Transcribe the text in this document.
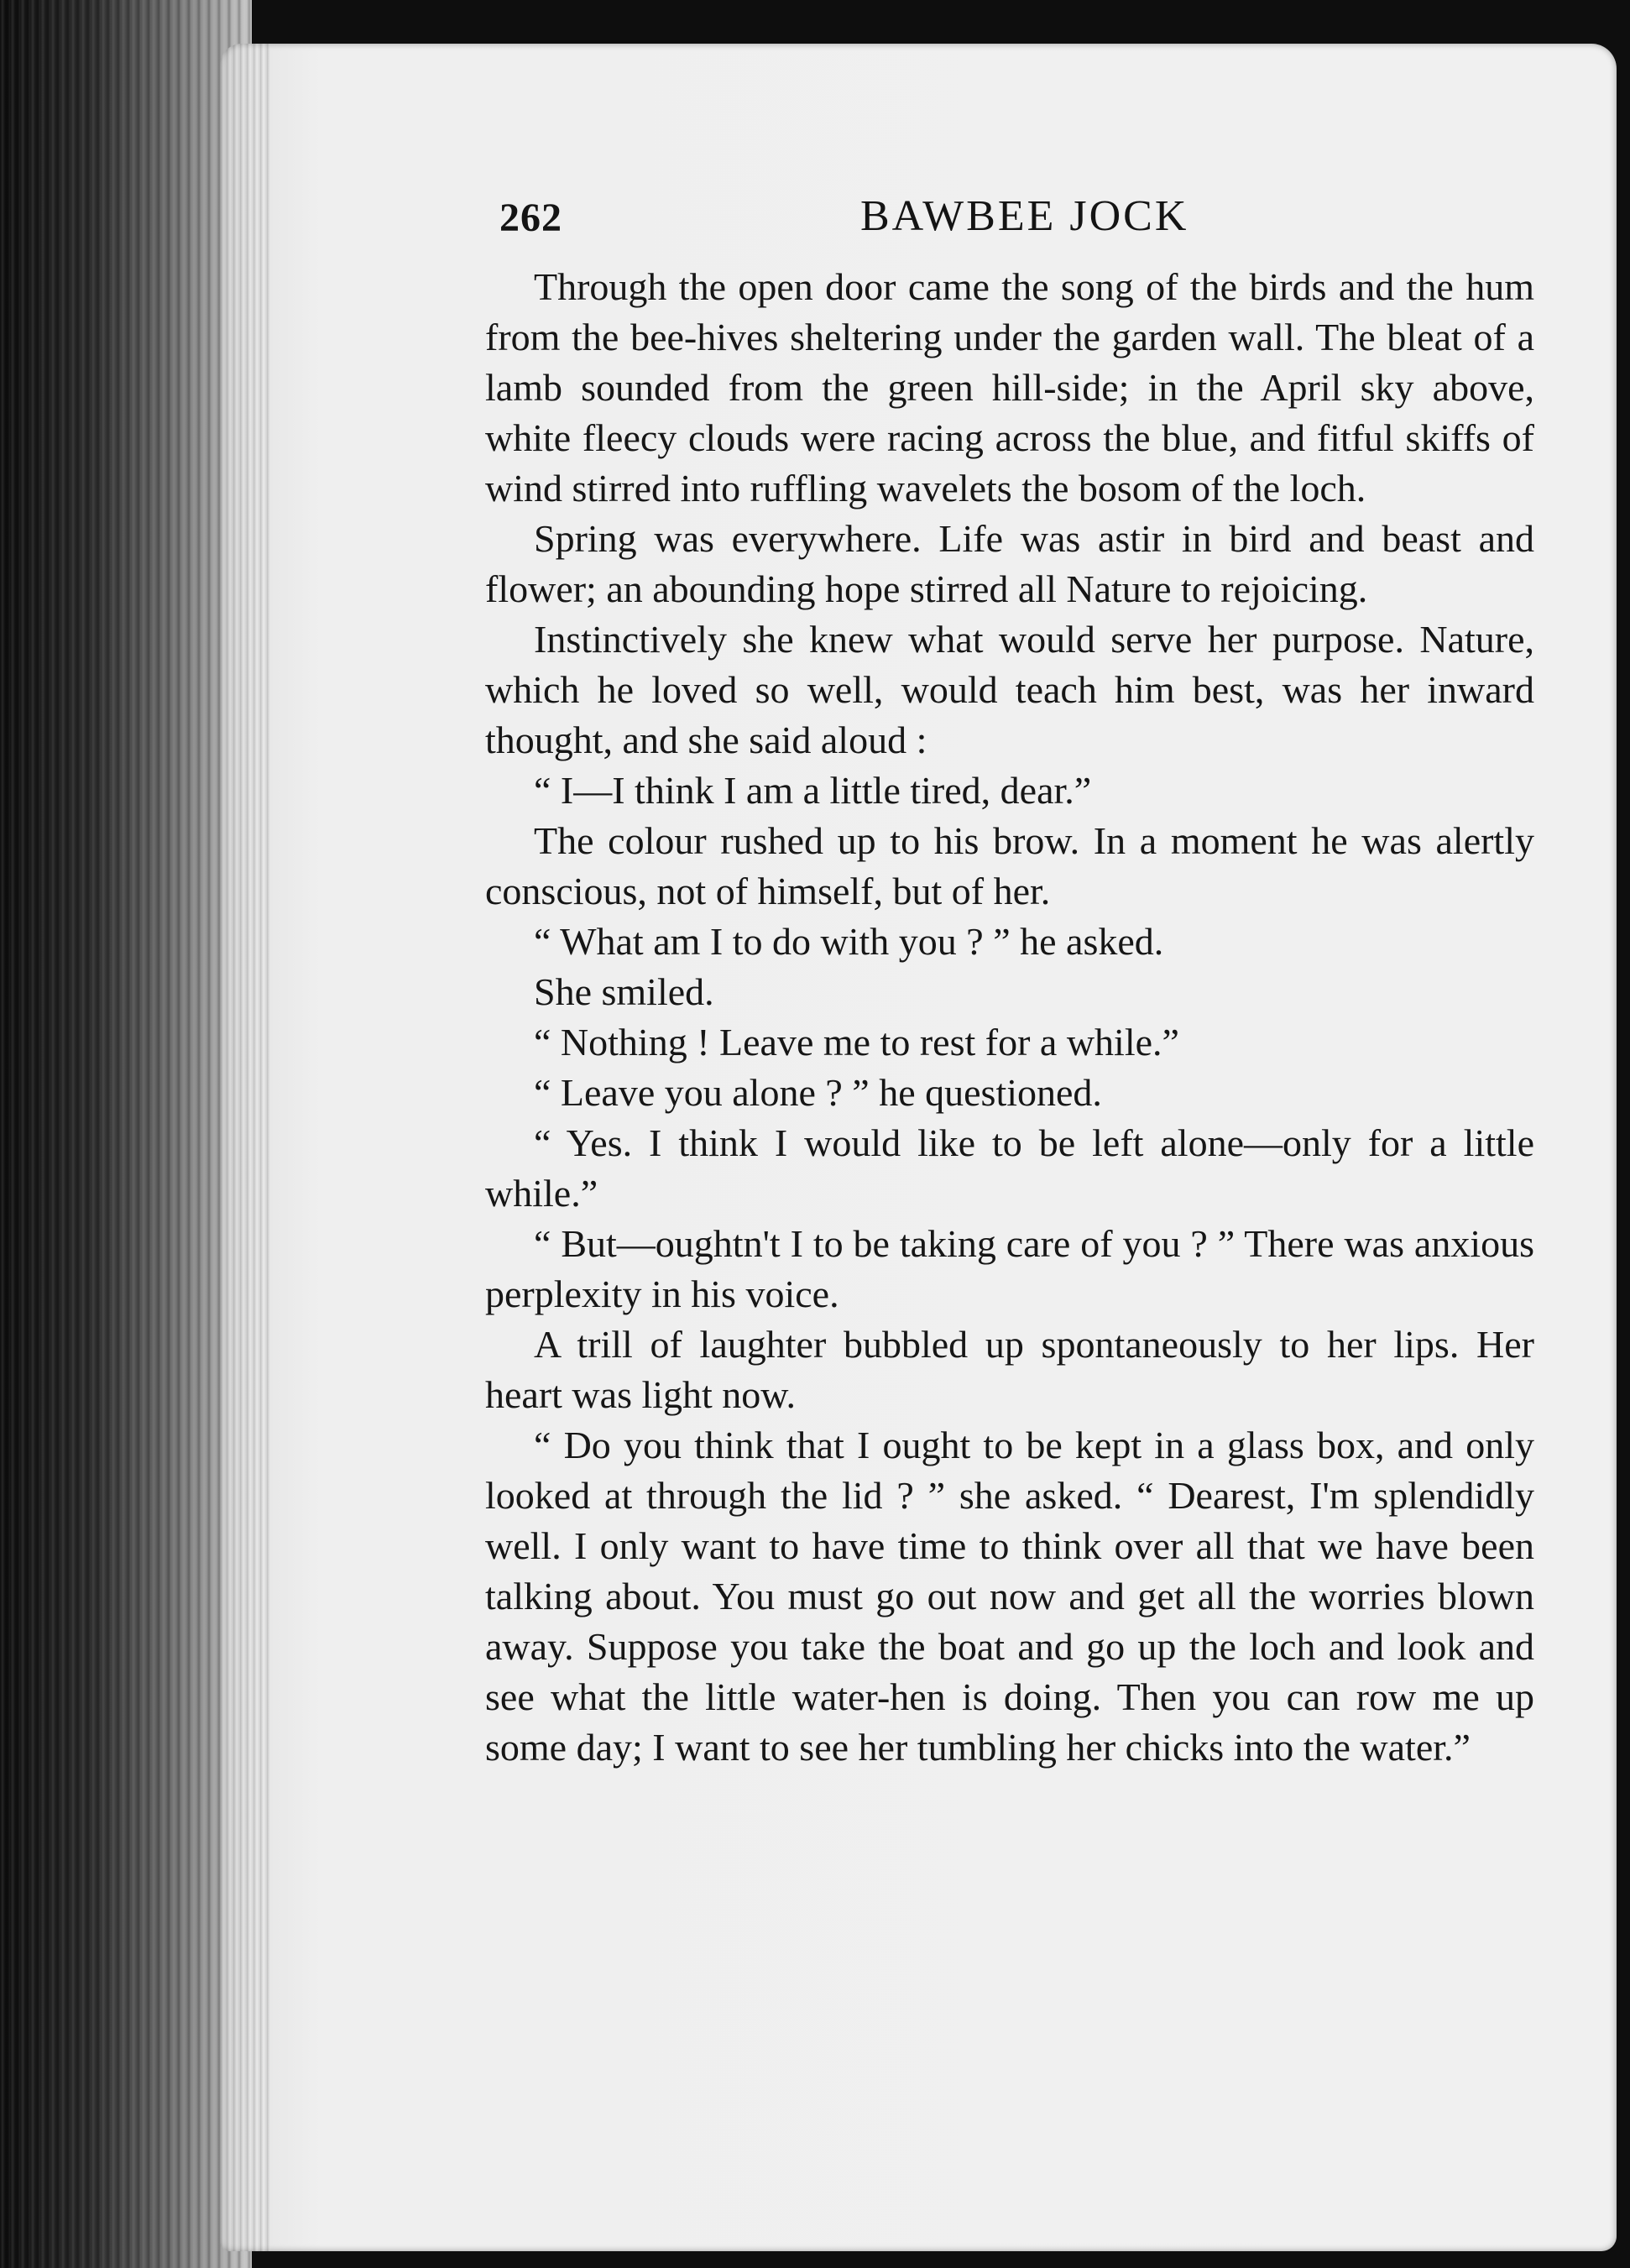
262	BAWBEE JOCK

Through the open door came the song of the birds and the hum from the bee-hives sheltering under the garden wall. The bleat of a lamb sounded from the green hill-side; in the April sky above, white fleecy clouds were racing across the blue, and fitful skiffs of wind stirred into ruffling wavelets the bosom of the loch.

Spring was everywhere. Life was astir in bird and beast and flower; an abounding hope stirred all Nature to rejoicing.

Instinctively she knew what would serve her purpose. Nature, which he loved so well, would teach him best, was her inward thought, and she said aloud :

“ I—I think I am a little tired, dear.”

The colour rushed up to his brow. In a moment he was alertly conscious, not of himself, but of her.

“ What am I to do with you ? ” he asked.

She smiled.

“ Nothing ! Leave me to rest for a while.”

“ Leave you alone ? ” he questioned.

“ Yes. I think I would like to be left alone—only for a little while.”

“ But—oughtn't I to be taking care of you ? ” There was anxious perplexity in his voice.

A trill of laughter bubbled up spontaneously to her lips. Her heart was light now.

“ Do you think that I ought to be kept in a glass box, and only looked at through the lid ? ” she asked. “ Dearest, I'm splendidly well. I only want to have time to think over all that we have been talking about. You must go out now and get all the worries blown away. Suppose you take the boat and go up the loch and look and see what the little water-hen is doing. Then you can row me up some day; I want to see her tumbling her chicks into the water.”
